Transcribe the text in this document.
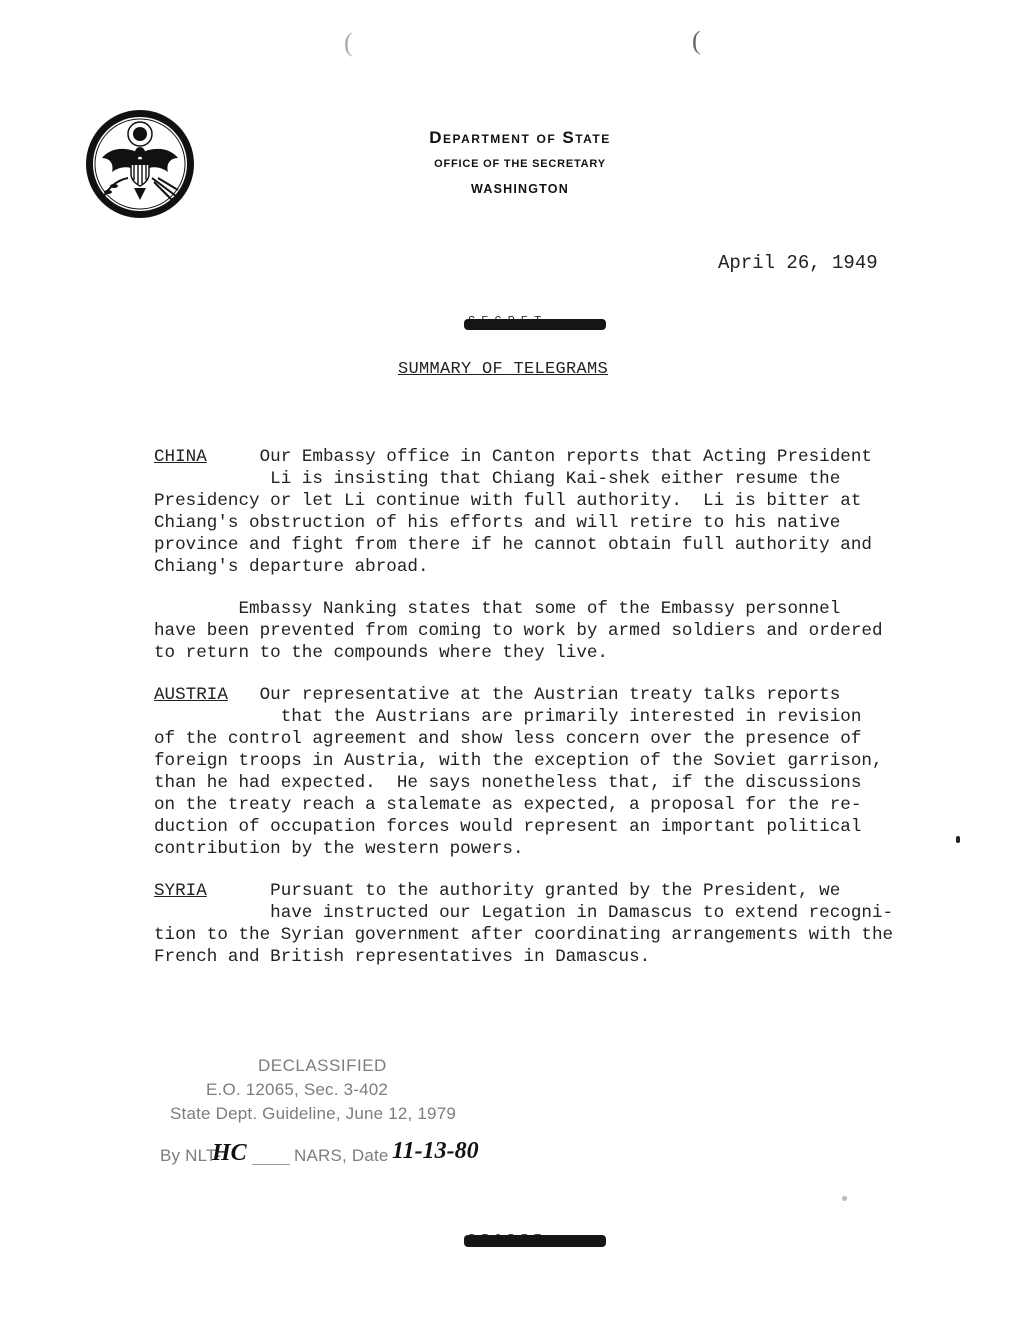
(	(
Department of State
OFFICE OF THE SECRETARY
WASHINGTON
April 26, 1949
SUMMARY OF TELEGRAMS
CHINA	Our Embassy office in Canton reports that Acting President
Li is insisting that Chiang Kai-shek either resume the
Presidency or let Li continue with full authority.  Li is bitter at
Chiang's obstruction of his efforts and will retire to his native
province and fight from there if he cannot obtain full authority and
Chiang's departure abroad.
Embassy Nanking states that some of the Embassy personnel
have been prevented from coming to work by armed soldiers and ordered
to return to the compounds where they live.
AUSTRIA Our representative at the Austrian treaty talks reports
that the Austrians are primarily interested in revision
of the control agreement and show less concern over the presence of
foreign troops in Austria, with the exception of the Soviet garrison,
than he had expected.  He says nonetheless that, if the discussions
on the treaty reach a stalemate as expected, a proposal for the re-
duction of occupation forces would represent an important political
contribution by the western powers.
SYRIA	Pursuant to the authority granted by the President, we
have instructed our Legation in Damascus to extend recogni-
tion to the Syrian government after coordinating arrangements with the
French and British representatives in Damascus.
DECLASSIFIED
E.O. 12065, Sec. 3-402
State Dept. Guideline, June 12, 1979
By NLT-
HC	NARS, Date 11-13-80
